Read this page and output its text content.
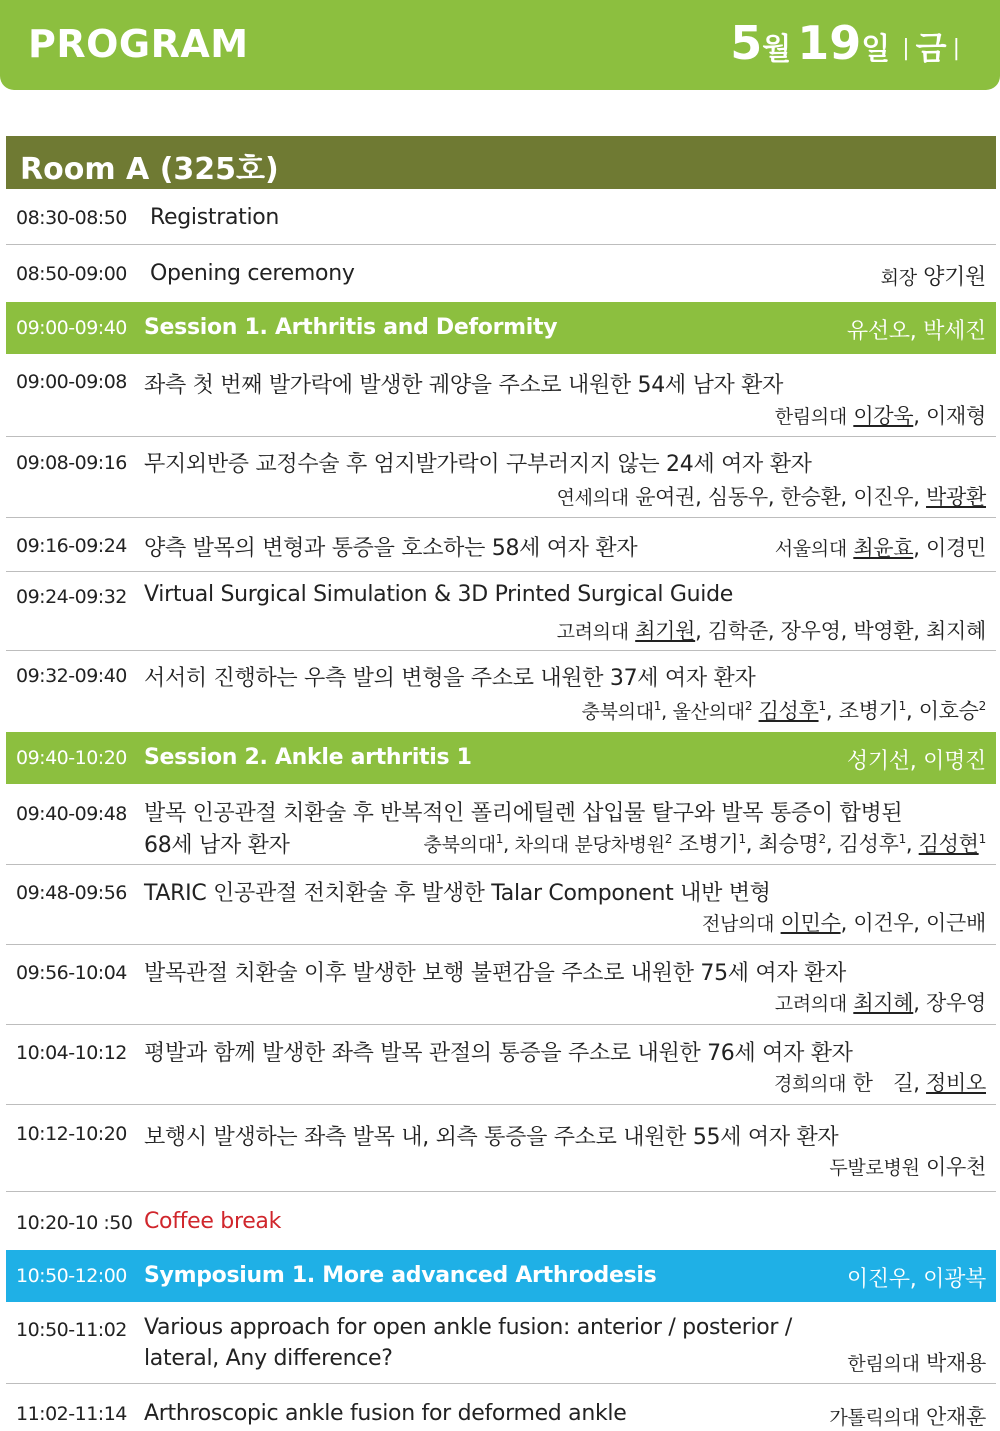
PROGRAM	5 월 19 일 | 금 |
Room A (325호)
08:30-08:50 Registration
08:50-09:00 Opening ceremony	회장 양기원
09:00-09:40 Session 1. Arthritis and Deformity	유선오, 박세진
09:00-09:08 좌측 첫 번째 발가락에 발생한 궤양을 주소로 내원한 54세 남자 환자
한림의대 이강욱, 이재형
09:08-09:16 무지외반증 교정수술 후 엄지발가락이 구부러지지 않는 24세 여자 환자
연세의대 윤여권, 심동우, 한승환, 이진우, 박광환
09:16-09:24 양측 발목의 변형과 통증을 호소하는 58세 여자 환자	서울의대 최윤효, 이경민
09:24-09:32 Virtual Surgical Simulation & 3D Printed Surgical Guide
고려의대 최기원, 김학준, 장우영, 박영환, 최지혜
09:32-09:40 서서히 진행하는 우측 발의 변형을 주소로 내원한 37세 여자 환자
충북의대$^1$, 울산의대$^2$ 김성후$^1$, 조병기$^1$, 이호승$^2$
09:40-10:20 Session 2. Ankle arthritis 1	성기선, 이명진
09:40-09:48 발목 인공관절 치환술 후 반복적인 폴리에틸렌 삽입물 탈구와 발목 통증이 합병된
68세 남자 환자	충북의대$^1$, 차의대 분당차병원$^2$ 조병기$^1$, 최승명$^2$, 김성후$^1$, 김성현$^1$
09:48-09:56 TARIC 인공관절 전치환술 후 발생한 Talar Component 내반 변형
전남의대 이민수, 이건우, 이근배
09:56-10:04 발목관절 치환술 이후 발생한 보행 불편감을 주소로 내원한 75세 여자 환자
고려의대 최지혜, 장우영
10:04-10:12 평발과 함께 발생한 좌측 발목 관절의 통증을 주소로 내원한 76세 여자 환자
경희의대 한　길, 정비오
10:12-10:20 보행시 발생하는 좌측 발목 내, 외측 통증을 주소로 내원한 55세 여자 환자
두발로병원 이우천
10:20-10 :50 Coffee break
10:50-12:00 Symposium 1. More advanced Arthrodesis	이진우, 이광복
10:50-11:02 Various approach for open ankle fusion: anterior / posterior /
lateral, Any difference?	한림의대 박재용
11:02-11:14 Arthroscopic ankle fusion for deformed ankle	가톨릭의대 안재훈
